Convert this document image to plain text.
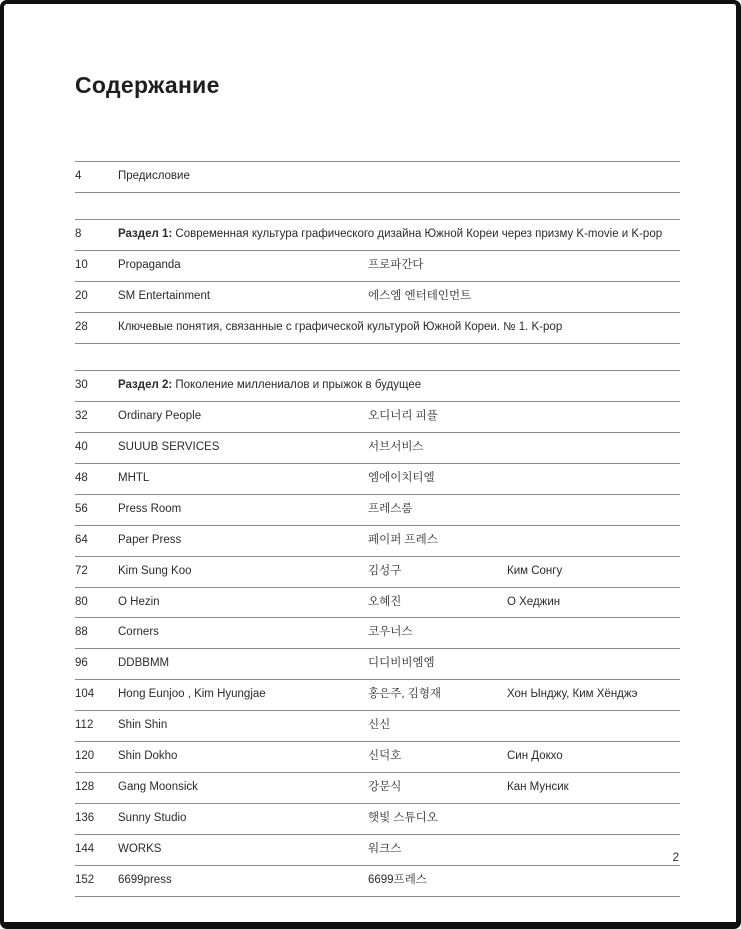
Содержание
4	Предисловие
8	Раздел 1: Современная культура графического дизайна Южной Кореи через призму K-movie и K-pop
10	Propaganda	프로파간다
20	SM Entertainment	에스엠 엔터테인먼트
28	Ключевые понятия, связанные с графической культурой Южной Кореи. № 1. K-pop
30	Раздел 2: Поколение миллениалов и прыжок в будущее
32	Ordinary People	오디너리 피플
40	SUUUB SERVICES	서브서비스
48	MHTL	엠에이치티엘
56	Press Room	프레스룸
64	Paper Press	페이퍼 프레스
72	Kim Sung Koo	김성구	Ким Сонгу
80	O Hezin	오혜진	О Хеджин
88	Corners	코우너스
96	DDBBMM	디디비비엠엠
104	Hong Eunjoo , Kim Hyungjae	홍은주, 김형재	Хон Ынджу, Ким Хёнджэ
112	Shin Shin	신신
120	Shin Dokho	신덕호	Син Докхо
128	Gang Moonsick	강문식	Кан Мунсик
136	Sunny Studio	햇빛 스튜디오
144	WORKS	워크스
152	6699press	6699프레스
2
